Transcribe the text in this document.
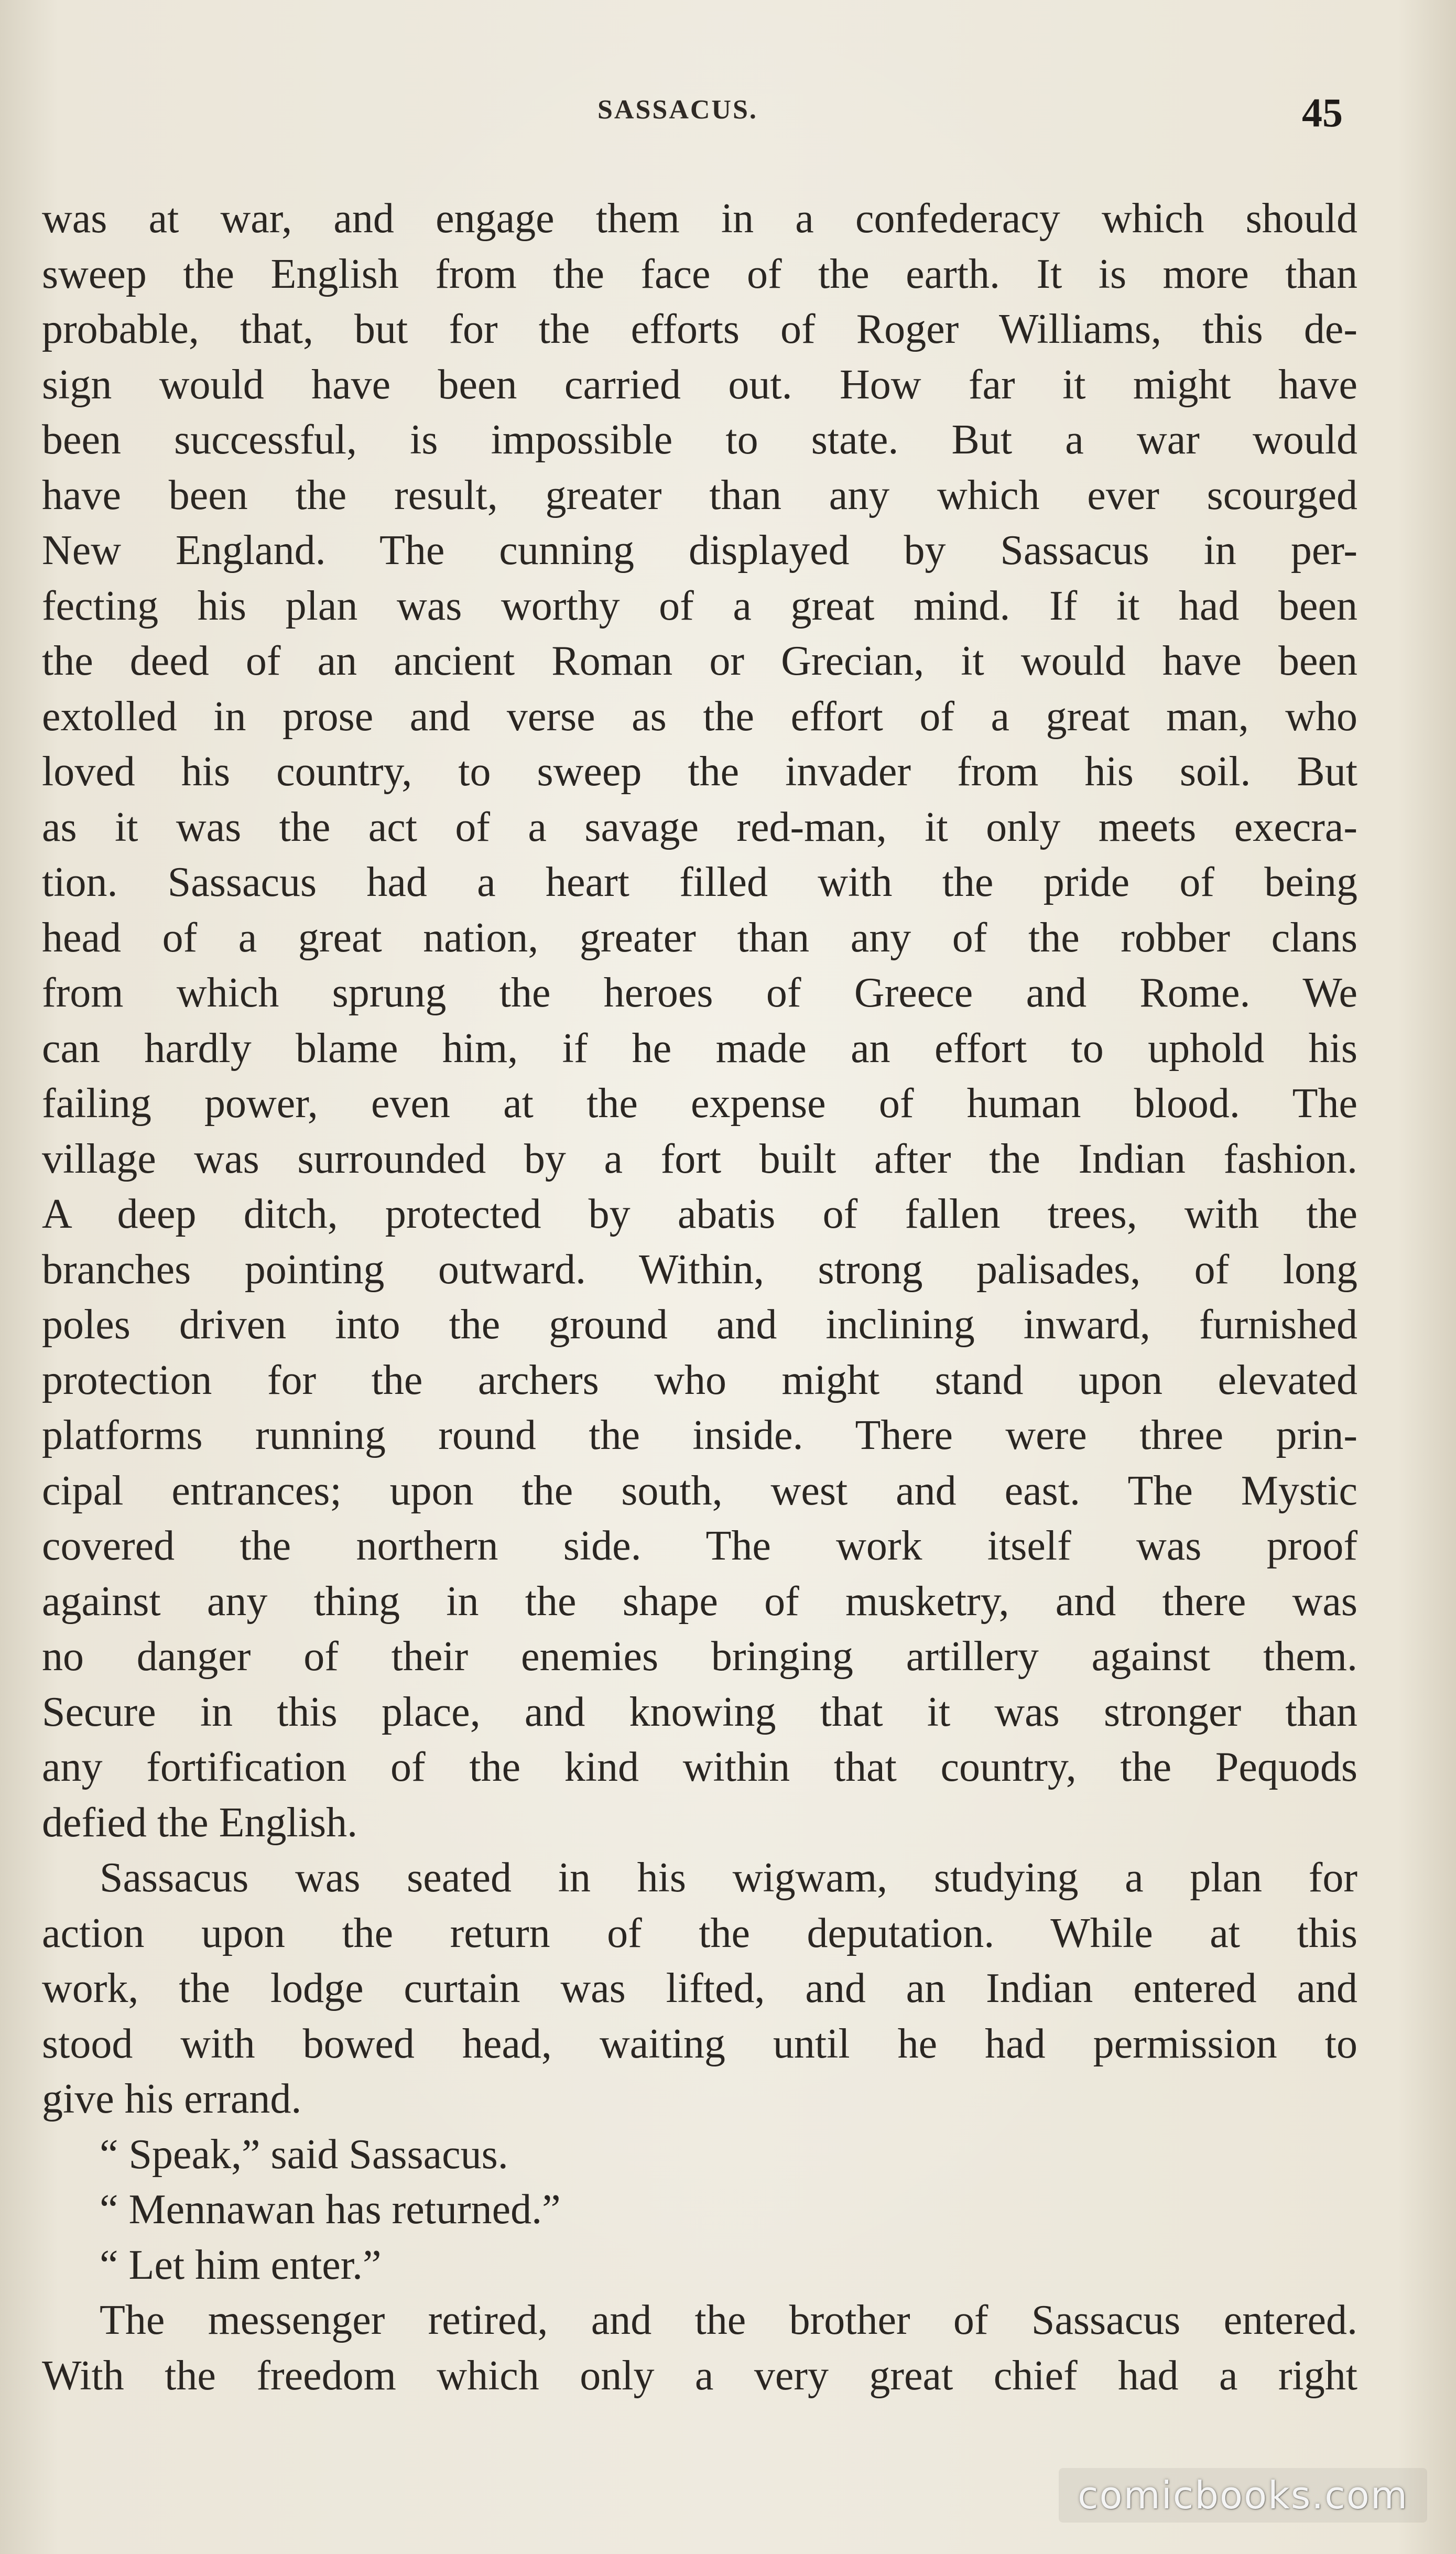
SASSACUS.	45
was at war, and engage them in a confederacy which should
sweep the English from the face of the earth. It is more than
probable, that, but for the efforts of Roger Williams, this de-
sign would have been carried out. How far it might have
been successful, is impossible to state. But a war would
have been the result, greater than any which ever scourged
New England. The cunning displayed by Sassacus in per-
fecting his plan was worthy of a great mind. If it had been
the deed of an ancient Roman or Grecian, it would have been
extolled in prose and verse as the effort of a great man, who
loved his country, to sweep the invader from his soil. But
as it was the act of a savage red-man, it only meets execra-
tion. Sassacus had a heart filled with the pride of being
head of a great nation, greater than any of the robber clans
from which sprung the heroes of Greece and Rome. We
can hardly blame him, if he made an effort to uphold his
failing power, even at the expense of human blood. The
village was surrounded by a fort built after the Indian fashion.
A deep ditch, protected by abatis of fallen trees, with the
branches pointing outward. Within, strong palisades, of long
poles driven into the ground and inclining inward, furnished
protection for the archers who might stand upon elevated
platforms running round the inside. There were three prin-
cipal entrances; upon the south, west and east. The Mystic
covered the northern side. The work itself was proof
against any thing in the shape of musketry, and there was
no danger of their enemies bringing artillery against them.
Secure in this place, and knowing that it was stronger than
any fortification of the kind within that country, the Pequods
defied the English.
Sassacus was seated in his wigwam, studying a plan for
action upon the return of the deputation. While at this
work, the lodge curtain was lifted, and an Indian entered and
stood with bowed head, waiting until he had permission to
give his errand.
“ Speak,” said Sassacus.
“ Mennawan has returned.”
“ Let him enter.”
The messenger retired, and the brother of Sassacus entered.
With the freedom which only a very great chief had a right
comicbooks.com
